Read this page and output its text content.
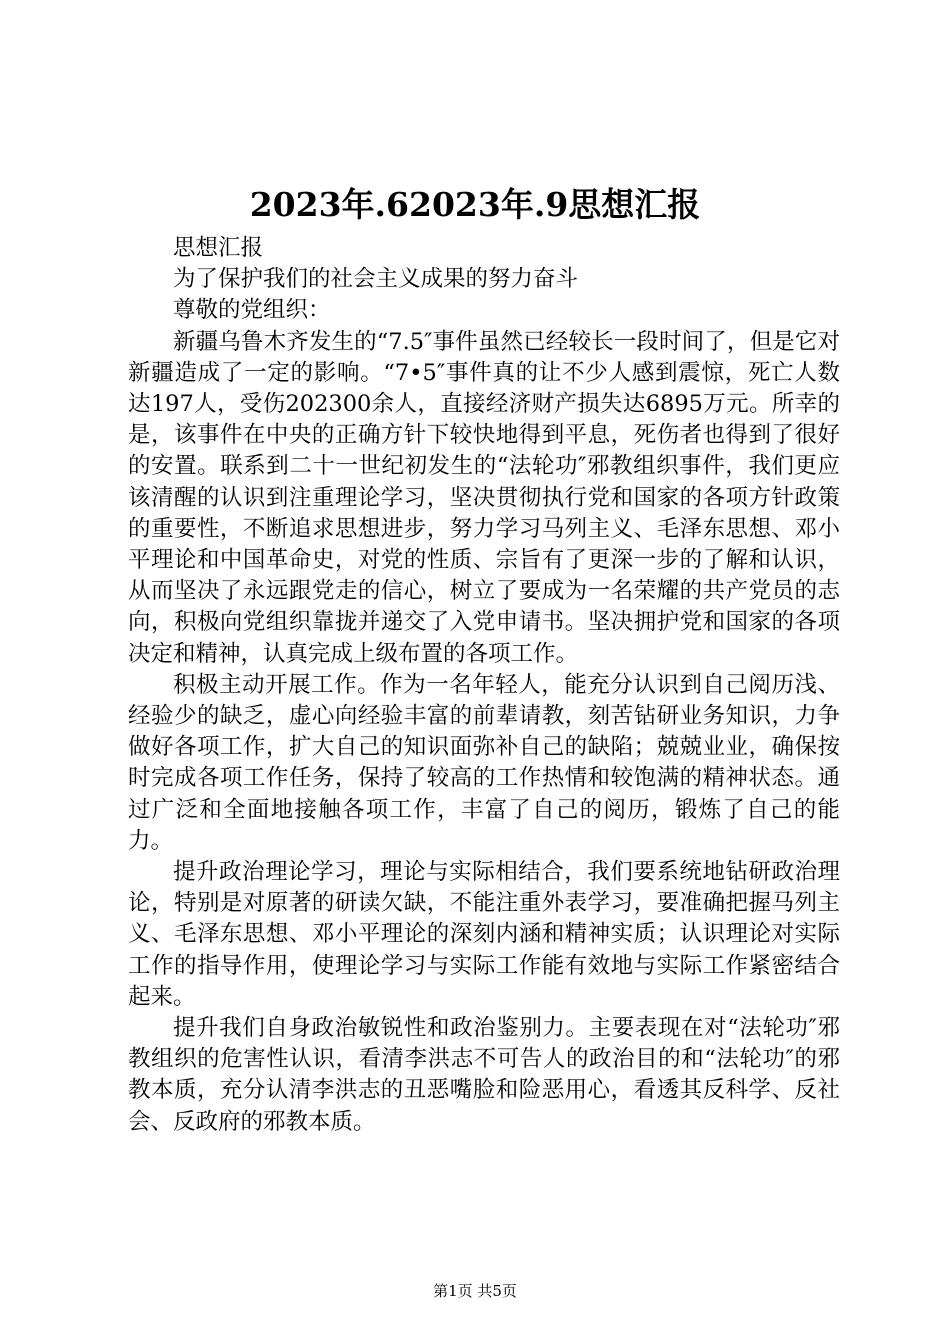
2023年.62023年.9思想汇报

思想汇报

为了保护我们的社会主义成果的努力奋斗

尊敬的党组织：

新疆乌鲁木齐发生的“7.5″事件虽然已经较长一段时间了，但是它对新疆造成了一定的影响。“7•5″事件真的让不少人感到震惊，死亡人数达197人，受伤202300余人，直接经济财产损失达6895万元。所幸的是，该事件在中央的正确方针下较快地得到平息，死伤者也得到了很好的安置。联系到二十一世纪初发生的“法轮功″邪教组织事件，我们更应该清醒的认识到注重理论学习，坚决贯彻执行党和国家的各项方针政策的重要性，不断追求思想进步，努力学习马列主义、毛泽东思想、邓小平理论和中国革命史，对党的性质、宗旨有了更深一步的了解和认识，从而坚决了永远跟党走的信心，树立了要成为一名荣耀的共产党员的志向，积极向党组织靠拢并递交了入党申请书。坚决拥护党和国家的各项决定和精神，认真完成上级布置的各项工作。

积极主动开展工作。作为一名年轻人，能充分认识到自己阅历浅、经验少的缺乏，虚心向经验丰富的前辈请教，刻苦钻研业务知识，力争做好各项工作，扩大自己的知识面弥补自己的缺陷；兢兢业业，确保按时完成各项工作任务，保持了较高的工作热情和较饱满的精神状态。通过广泛和全面地接触各项工作，丰富了自己的阅历，锻炼了自己的能力。

提升政治理论学习，理论与实际相结合，我们要系统地钻研政治理论，特别是对原著的研读欠缺，不能注重外表学习，要准确把握马列主义、毛泽东思想、邓小平理论的深刻内涵和精神实质；认识理论对实际工作的指导作用，使理论学习与实际工作能有效地与实际工作紧密结合起来。

提升我们自身政治敏锐性和政治鉴别力。主要表现在对“法轮功″邪教组织的危害性认识，看清李洪志不可告人的政治目的和“法轮功″的邪教本质，充分认清李洪志的丑恶嘴脸和险恶用心，看透其反科学、反社会、反政府的邪教本质。

第1页 共5页
